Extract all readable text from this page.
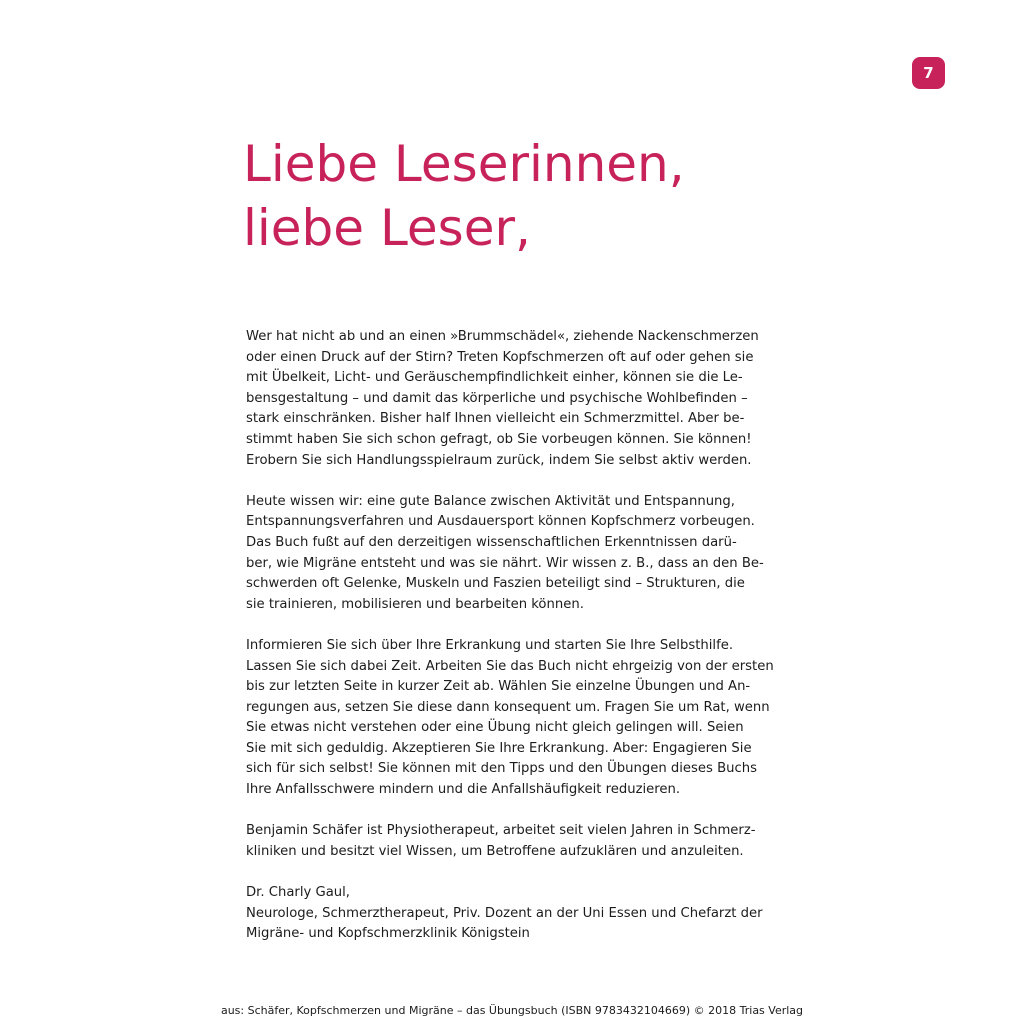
7
Liebe Leserinnen,
liebe Leser,

Wer hat nicht ab und an einen »Brummschädel«, ziehende Nackenschmerzen
oder einen Druck auf der Stirn? Treten Kopfschmerzen oft auf oder gehen sie
mit Übelkeit, Licht- und Geräuschempfindlichkeit einher, können sie die Le-
bensgestaltung – und damit das körperliche und psychische Wohlbefinden –
stark einschränken. Bisher half Ihnen vielleicht ein Schmerzmittel. Aber be-
stimmt haben Sie sich schon gefragt, ob Sie vorbeugen können. Sie können!
Erobern Sie sich Handlungsspielraum zurück, indem Sie selbst aktiv werden.

Heute wissen wir: eine gute Balance zwischen Aktivität und Entspannung,
Entspannungsverfahren und Ausdauersport können Kopfschmerz vorbeugen.
Das Buch fußt auf den derzeitigen wissenschaftlichen Erkenntnissen darü-
ber, wie Migräne entsteht und was sie nährt. Wir wissen z. B., dass an den Be-
schwerden oft Gelenke, Muskeln und Faszien beteiligt sind – Strukturen, die
sie trainieren, mobilisieren und bearbeiten können.

Informieren Sie sich über Ihre Erkrankung und starten Sie Ihre Selbsthilfe.
Lassen Sie sich dabei Zeit. Arbeiten Sie das Buch nicht ehrgeizig von der ersten
bis zur letzten Seite in kurzer Zeit ab. Wählen Sie einzelne Übungen und An-
regungen aus, setzen Sie diese dann konsequent um. Fragen Sie um Rat, wenn
Sie etwas nicht verstehen oder eine Übung nicht gleich gelingen will. Seien
Sie mit sich geduldig. Akzeptieren Sie Ihre Erkrankung. Aber: Engagieren Sie
sich für sich selbst! Sie können mit den Tipps und den Übungen dieses Buchs
Ihre Anfallsschwere mindern und die Anfallshäufigkeit reduzieren.

Benjamin Schäfer ist Physiotherapeut, arbeitet seit vielen Jahren in Schmerz-
kliniken und besitzt viel Wissen, um Betroffene aufzuklären und anzuleiten.

Dr. Charly Gaul,
Neurologe, Schmerztherapeut, Priv. Dozent an der Uni Essen und Chefarzt der
Migräne- und Kopfschmerzklinik Königstein

aus: Schäfer, Kopfschmerzen und Migräne – das Übungsbuch (ISBN 9783432104669) © 2018 Trias Verlag
